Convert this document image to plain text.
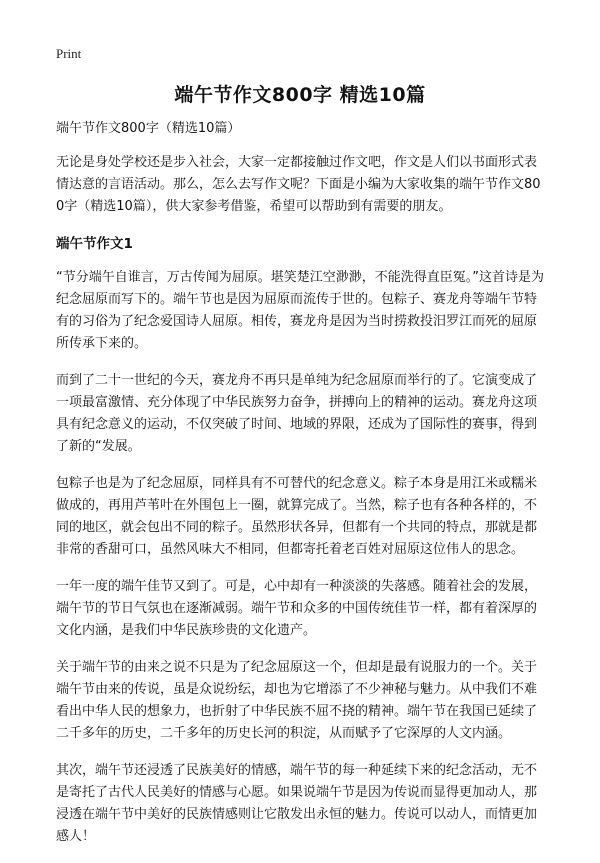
Print
端午节作文800字 精选10篇

端午节作文800字（精选10篇）

无论是身处学校还是步入社会，大家一定都接触过作文吧，作文是人们以书面形式表情达意的言语活动。那么，怎么去写作文呢？下面是小编为大家收集的端午节作文800字（精选10篇），供大家参考借鉴，希望可以帮助到有需要的朋友。

端午节作文1

“节分端午自谁言，万古传闻为屈原。堪笑楚江空渺渺，不能洗得直臣冤。”这首诗是为纪念屈原而写下的。端午节也是因为屈原而流传于世的。包粽子、赛龙舟等端午节特有的习俗为了纪念爱国诗人屈原。相传，赛龙舟是因为当时捞救投汨罗江而死的屈原所传承下来的。

而到了二十一世纪的今天，赛龙舟不再只是单纯为纪念屈原而举行的了。它演变成了一项最富激情、充分体现了中华民族努力奋争，拼搏向上的精神的运动。赛龙舟这项具有纪念意义的运动，不仅突破了时间、地域的界限，还成为了国际性的赛事，得到了新的“发展。

包粽子也是为了纪念屈原，同样具有不可替代的纪念意义。粽子本身是用江米或糯米做成的，再用芦苇叶在外围包上一圈，就算完成了。当然，粽子也有各种各样的，不同的地区，就会包出不同的粽子。虽然形状各异，但都有一个共同的特点，那就是都非常的香甜可口，虽然风味大不相同，但都寄托着老百姓对屈原这位伟人的思念。

一年一度的端午佳节又到了。可是，心中却有一种淡淡的失落感。随着社会的发展，端午节的节日气氛也在逐渐减弱。端午节和众多的中国传统佳节一样，都有着深厚的文化内涵，是我们中华民族珍贵的文化遗产。

关于端午节的由来之说不只是为了纪念屈原这一个，但却是最有说服力的一个。关于端午节由来的传说，虽是众说纷纭，却也为它增添了不少神秘与魅力。从中我们不难看出中华人民的想象力，也折射了中华民族不屈不挠的精神。端午节在我国已延续了二千多年的历史，二千多年的历史长河的积淀，从而赋予了它深厚的人文内涵。

其次，端午节还浸透了民族美好的情感，端午节的每一种延续下来的纪念活动，无不是寄托了古代人民美好的情感与心愿。如果说端午节是因为传说而显得更加动人，那浸透在端午节中美好的民族情感则让它散发出永恒的魅力。传说可以动人，而情更加感人！
